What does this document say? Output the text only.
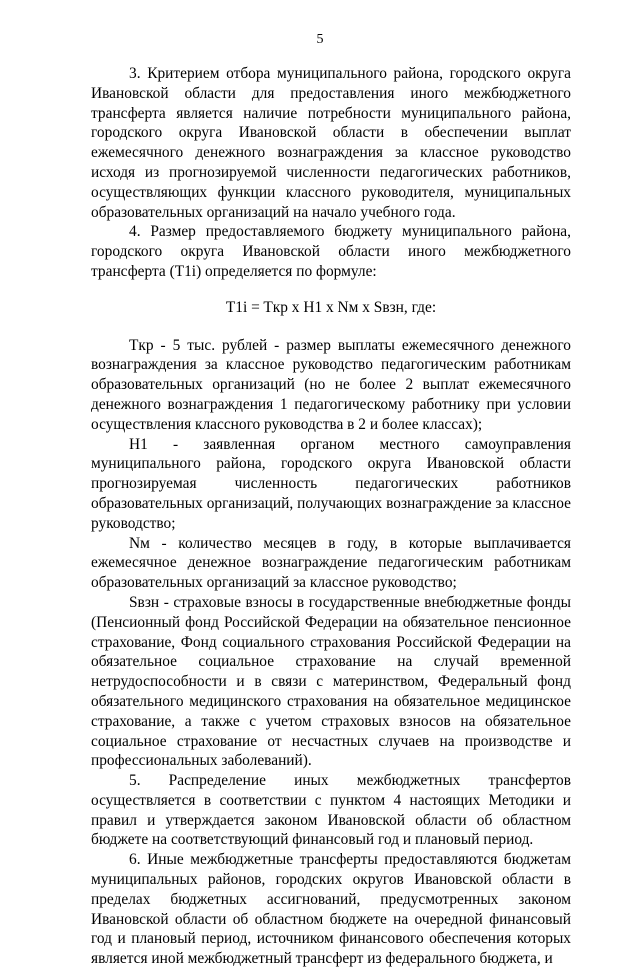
5

3. Критерием отбора муниципального района, городского округа Ивановской области для предоставления иного межбюджетного трансферта является наличие потребности муниципального района, городского округа Ивановской области в обеспечении выплат ежемесячного денежного вознаграждения за классное руководство исходя из прогнозируемой численности педагогических работников, осуществляющих функции классного руководителя, муниципальных образовательных организаций на начало учебного года.

4. Размер предоставляемого бюджету муниципального района, городского округа Ивановской области иного межбюджетного трансферта (T1i) определяется по формуле:

T1i = Tкр x H1 x Nм x Sвзн, где:

Tкр - 5 тыс. рублей - размер выплаты ежемесячного денежного вознаграждения за классное руководство педагогическим работникам образовательных организаций (но не более 2 выплат ежемесячного денежного вознаграждения 1 педагогическому работнику при условии осуществления классного руководства в 2 и более классах);

H1 - заявленная органом местного самоуправления муниципального района, городского округа Ивановской области прогнозируемая численность педагогических работников образовательных организаций, получающих вознаграждение за классное руководство;

Nм - количество месяцев в году, в которые выплачивается ежемесячное денежное вознаграждение педагогическим работникам образовательных организаций за классное руководство;

Sвзн - страховые взносы в государственные внебюджетные фонды (Пенсионный фонд Российской Федерации на обязательное пенсионное страхование, Фонд социального страхования Российской Федерации на обязательное социальное страхование на случай временной нетрудоспособности и в связи с материнством, Федеральный фонд обязательного медицинского страхования на обязательное медицинское страхование, а также с учетом страховых взносов на обязательное социальное страхование от несчастных случаев на производстве и профессиональных заболеваний).

5. Распределение иных межбюджетных трансфертов осуществляется в соответствии с пунктом 4 настоящих Методики и правил и утверждается законом Ивановской области об областном бюджете на соответствующий финансовый год и плановый период.

6. Иные межбюджетные трансферты предоставляются бюджетам муниципальных районов, городских округов Ивановской области в пределах бюджетных ассигнований, предусмотренных законом Ивановской области об областном бюджете на очередной финансовый год и плановый период, источником финансового обеспечения которых является иной межбюджетный трансферт из федерального бюджета, и
